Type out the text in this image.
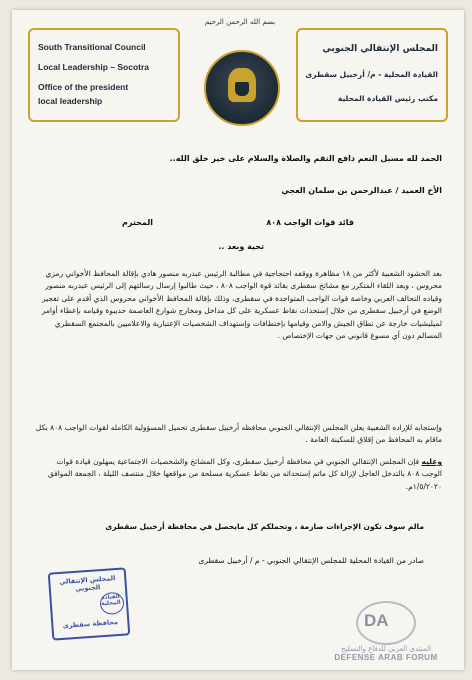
South Transitional Council
Local Leadership – Socotra
Office of the president
local leadership
بسم الله الرحمن الرحيم
المجلس الإنتقالي الجنوبي
القيادة المحلية - م/ أرخبيل سقطرى
مكتب رئيس القيادة المحلية
الحمد لله مسبل النعم دافع النقم والصلاة والسلام على خير خلق الله..
الأخ العميد / عبدالرحمن بن سلمان العجي
قائد قوات الواجب ٨٠٨
المحترم
تحية وبعد ..
بعد الحشود الشعبية لأكثر من ١٨ مظاهرة ووقفه احتجاجية في مطالبة الرئيس عبدربه منصور هادي بإقالة المحافظ الأخواني رمزي محروس ، وبعد اللقاء المتكرر مع مشائخ سقطرى بقائد قوة الواجب ٨٠٨ ، حيث طالبوا إرسال رسالتهم إلى الرئيس عبدربه منصور وقياده التحالف العربي وخاصة قوات الواجب المتواجدة في سقطرى، وذلك بإقالة المحافظ الأخواني محروس الذي أقدم على تفجير الوضع في أرخبيل سقطرى من خلال إستحداث نقاط عسكرية على كل مداخل ومخارج شوارع العاصمة حديبوة وقيامه بإعطاء أوامر لميليشيات خارجة عن نطاق الجيش والامن وقيامها بإختطافات وإستهداف الشخصيات الإعتبارية والاعلاميين بالمجتمع السقطري المسالم دون أي مسوغ قانوني من جهات الإختصاص .
وإستجابه للإراده الشعبية يعلن المجلس الإنتقالي الجنوبي محافظه أرخبيل سقطرى تحميل المسؤولية الكامله لقوات الواجب ٨٠٨ بكل ماقام به المحافظ من إقلاق للسكينة العامة .
وعليه فإن المجلس الإنتقالي الجنوبي في محافظة أرخبيل سقطرى، وكل المشائخ والشخصيات الاجتماعية يمهلون قيادة قوات الوجب ٨٠٨ بالتدخل العاجل لإزالة كل ماتم إستحداثه من نقاط عسكرية مسلحة من مواقعها خلال منتصف الليلة ، الجمعة الموافق ١/٥/٢٠٢٠م.
مالم سوف تكون الإجراءات صارمة ، وتحملكم كل مايحصل في محافظة أرخبيل سقطرى
صادر من القيادة المحلية للمجلس الإنتقالي الجنوبي - م / أرخبيل سقطرى
المجلس الإنتقالي الجنوبي
القيادة المحلية
محافظة سقطرى	DA
المنتدى العربي للدفاع والتسليح
DEFENSE ARAB FORUM
